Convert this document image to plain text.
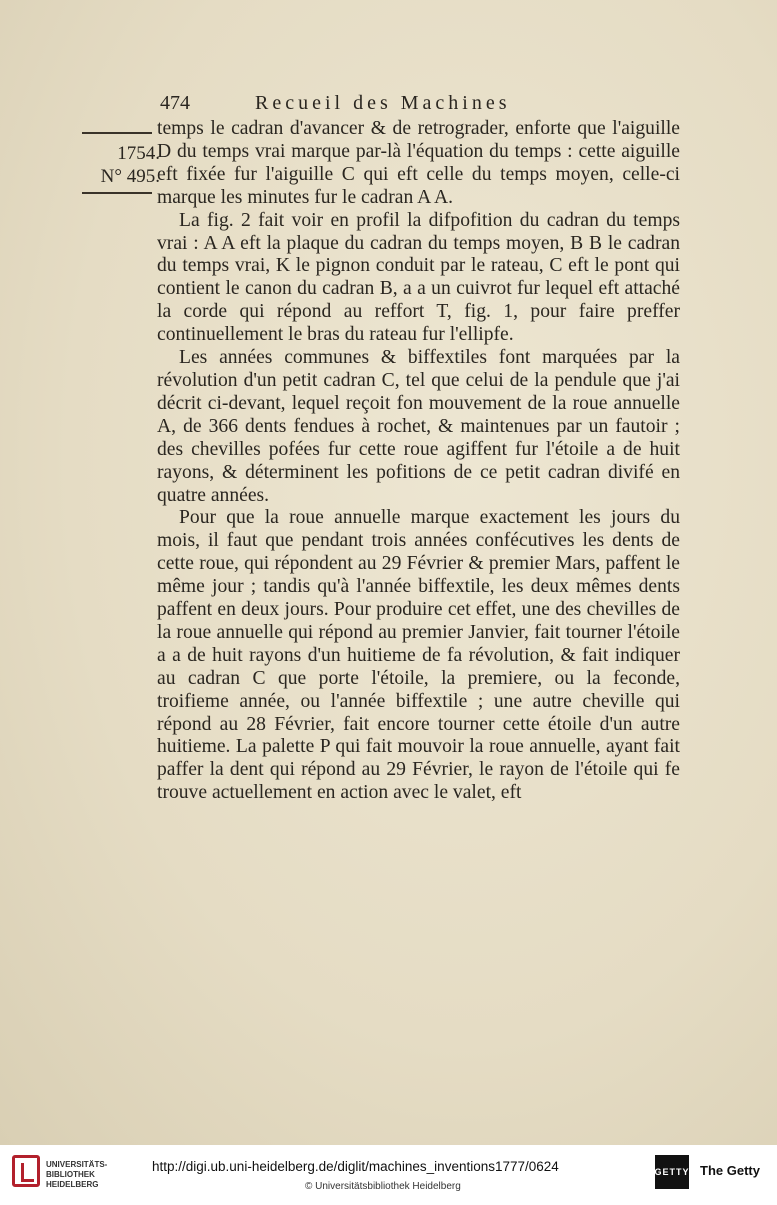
474	Recueil des Machines
1754.
N° 495.

temps le cadran d'avancer & de retrograder, enforte que l'aiguille D du temps vrai marque par-là l'équation du temps : cette aiguille eft fixée fur l'aiguille C qui eft celle du temps moyen, celle-ci marque les minutes fur le cadran A A.

La fig. 2 fait voir en profil la difpofition du cadran du temps vrai : A A eft la plaque du cadran du temps moyen, B B le cadran du temps vrai, K le pignon conduit par le rateau, C eft le pont qui contient le canon du cadran B, a a un cuivrot fur lequel eft attaché la corde qui répond au reffort T, fig. 1, pour faire preffer continuellement le bras du rateau fur l'ellipfe.

Les années communes & biffextiles font marquées par la révolution d'un petit cadran C, tel que celui de la pendule que j'ai décrit ci-devant, lequel reçoit fon mouvement de la roue annuelle A, de 366 dents fendues à rochet, & maintenues par un fautoir ; des chevilles pofées fur cette roue agiffent fur l'étoile a de huit rayons, & déterminent les pofitions de ce petit cadran divifé en quatre années.

Pour que la roue annuelle marque exactement les jours du mois, il faut que pendant trois années confécutives les dents de cette roue, qui répondent au 29 Février & premier Mars, paffent le même jour ; tandis qu'à l'année biffextile, les deux mêmes dents paffent en deux jours. Pour produire cet effet, une des chevilles de la roue annuelle qui répond au premier Janvier, fait tourner l'étoile a a de huit rayons d'un huitieme de fa révolution, & fait indiquer au cadran C que porte l'étoile, la premiere, ou la feconde, troifieme année, ou l'année biffextile ; une autre cheville qui répond au 28 Février, fait encore tourner cette étoile d'un autre huitieme. La palette P qui fait mouvoir la roue annuelle, ayant fait paffer la dent qui répond au 29 Février, le rayon de l'étoile qui fe trouve actuellement en action avec le valet, eft

UNIVERSITÄTS-
BIBLIOTHEK
HEIDELBERG
http://digi.ub.uni-heidelberg.de/diglit/machines_inventions1777/0624
© Universitätsbibliothek Heidelberg
GETTY The Getty
